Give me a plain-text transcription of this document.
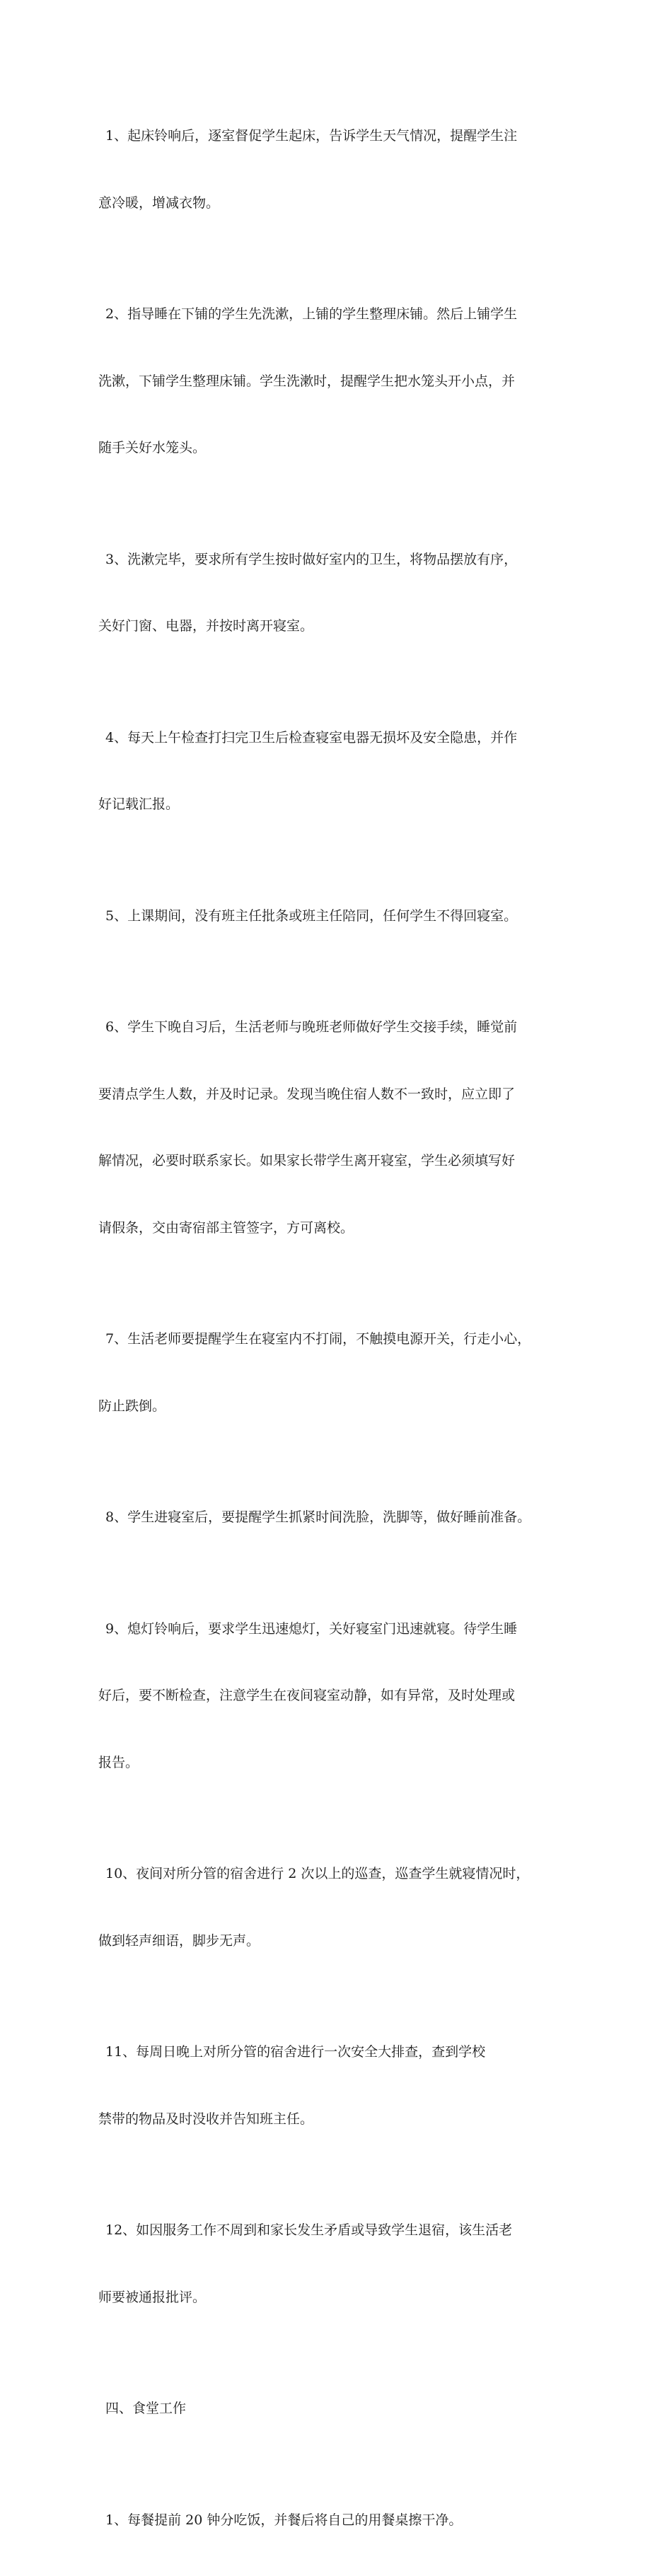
1、起床铃响后，逐室督促学生起床，告诉学生天气情况，提醒学生注

意冷暖，增减衣物。

2、指导睡在下铺的学生先洗漱，上铺的学生整理床铺。然后上铺学生

洗漱，下铺学生整理床铺。学生洗漱时，提醒学生把水笼头开小点，并

随手关好水笼头。

3、洗漱完毕，要求所有学生按时做好室内的卫生，将物品摆放有序，

关好门窗、电器，并按时离开寝室。

4、每天上午检查打扫完卫生后检查寝室电器无损坏及安全隐患，并作

好记载汇报。

5、上课期间，没有班主任批条或班主任陪同，任何学生不得回寝室。

6、学生下晚自习后，生活老师与晚班老师做好学生交接手续，睡觉前

要清点学生人数，并及时记录。发现当晚住宿人数不一致时，应立即了

解情况，必要时联系家长。如果家长带学生离开寝室，学生必须填写好

请假条，交由寄宿部主管签字，方可离校。

7、生活老师要提醒学生在寝室内不打闹，不触摸电源开关，行走小心，

防止跌倒。

8、学生进寝室后，要提醒学生抓紧时间洗脸，洗脚等，做好睡前准备。

9、熄灯铃响后，要求学生迅速熄灯，关好寝室门迅速就寝。待学生睡

好后，要不断检查，注意学生在夜间寝室动静，如有异常，及时处理或

报告。

10、夜间对所分管的宿舍进行 2 次以上的巡查，巡查学生就寝情况时，

做到轻声细语，脚步无声。

11、每周日晚上对所分管的宿舍进行一次安全大排查，查到学校

禁带的物品及时没收并告知班主任。

12、如因服务工作不周到和家长发生矛盾或导致学生退宿，该生活老

师要被通报批评。

四、食堂工作

1、每餐提前 20 钟分吃饭，并餐后将自己的用餐桌擦干净。
